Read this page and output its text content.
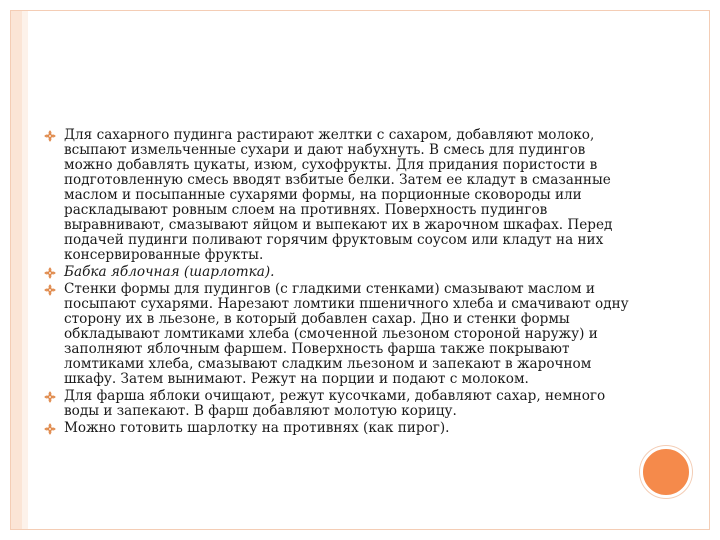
Для сахарного пудинга растирают желтки с сахаром, добавляют молоко, всыпают измельченные сухари и дают набухнуть. В смесь для пудингов можно добавлять цукаты, изюм, сухофрукты. Для придания пористости в подготовленную смесь вводят взбитые белки. Затем ее кладут в смазанные маслом и посыпанные сухарями формы, на порционные сковороды или раскладывают ровным слоем на противнях. Поверхность пудингов выравнивают, смазывают яйцом и выпекают их в жарочном шкафах. Перед подачей пудинги поливают горячим фруктовым соусом или кладут на них консервированные фрукты.
Бабка яблочная (шарлотка).
Стенки формы для пудингов (с гладкими стенками) смазывают маслом и посыпают сухарями. Нарезают ломтики пшеничного хлеба и смачивают одну сторону их в льезоне, в который добавлен сахар. Дно и стенки формы обкладывают ломтиками хлеба (смоченной льезоном стороной наружу) и заполняют яблочным фаршем. Поверхность фарша также покрывают ломтиками хлеба, смазывают сладким льезоном и запекают в жарочном шкафу. Затем вынимают. Режут на порции и подают с молоком.
Для фарша яблоки очищают, режут кусочками, добавляют сахар, немного воды и запекают. В фарш добавляют молотую корицу.
Можно готовить шарлотку на противнях (как пирог).
